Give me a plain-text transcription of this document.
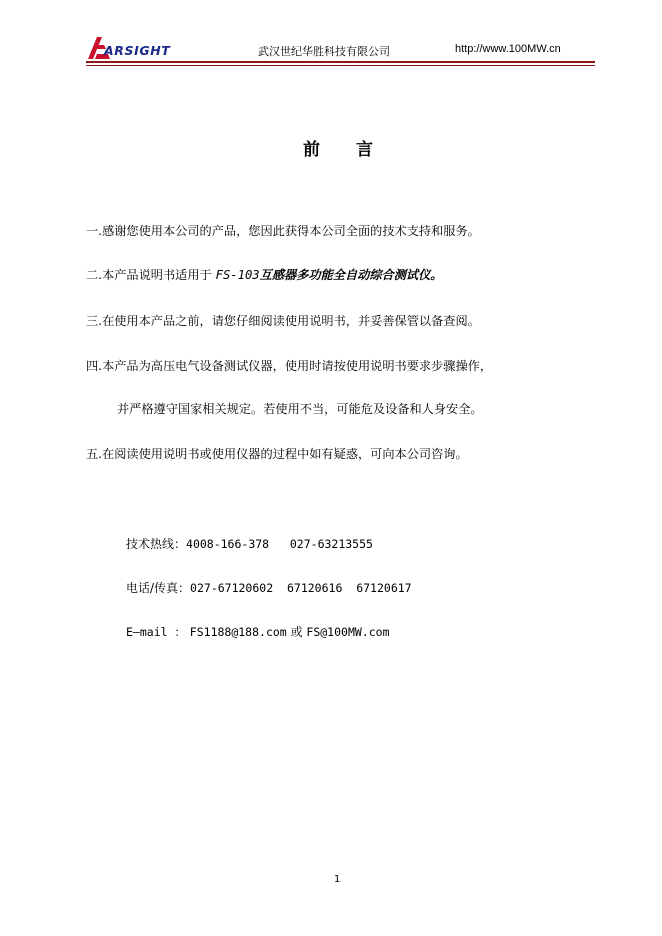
ARSIGHT	武汉世纪华胜科技有限公司	http://www.100MW.cn
前言
一.感谢您使用本公司的产品，您因此获得本公司全面的技术支持和服务。
二.本产品说明书适用于 FS-103互感器多功能全自动综合测试仪。
三.在使用本产品之前，请您仔细阅读使用说明书，并妥善保管以备查阅。
四.本产品为高压电气设备测试仪器，使用时请按使用说明书要求步骤操作，
并严格遵守国家相关规定。若使用不当，可能危及设备和人身安全。
五.在阅读使用说明书或使用仪器的过程中如有疑惑，可向本公司咨询。
技术热线：4008-166-378   027-63213555
电话/传真：027-67120602  67120616  67120617
E—mail ： FS1188@188.com 或 FS@100MW.com
1
